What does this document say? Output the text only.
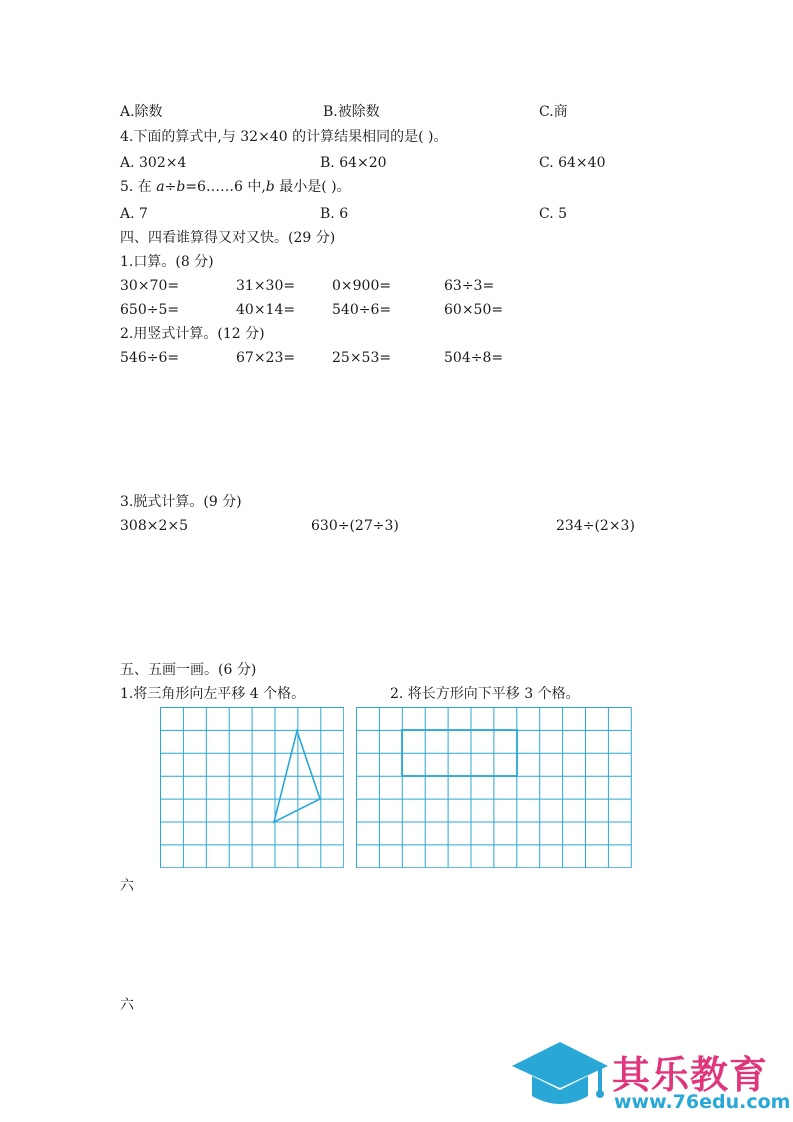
A.除数	B.被除数	C.商
4.下面的算式中,与 32×40 的计算结果相同的是( )。
A. 302×4	B. 64×20	C. 64×40
5. 在 a÷b=6……6 中,b 最小是( )。
A. 7	B. 6	C. 5
四、四看谁算得又对又快。(29 分)
1.口算。(8 分)
30×70=	31×30=	0×900=	63÷3=
650÷5=	40×14=	540÷6=	60×50=
2.用竖式计算。(12 分)
546÷6=	67×23=	25×53=	504÷8=
3.脱式计算。(9 分)
308×2×5	630÷(27÷3)	234÷(2×3)
五、五画一画。(6 分)
1.将三角形向左平移 4 个格。	2. 将长方形向下平移 3 个格。
六
六
其乐教育
www.76edu.com
